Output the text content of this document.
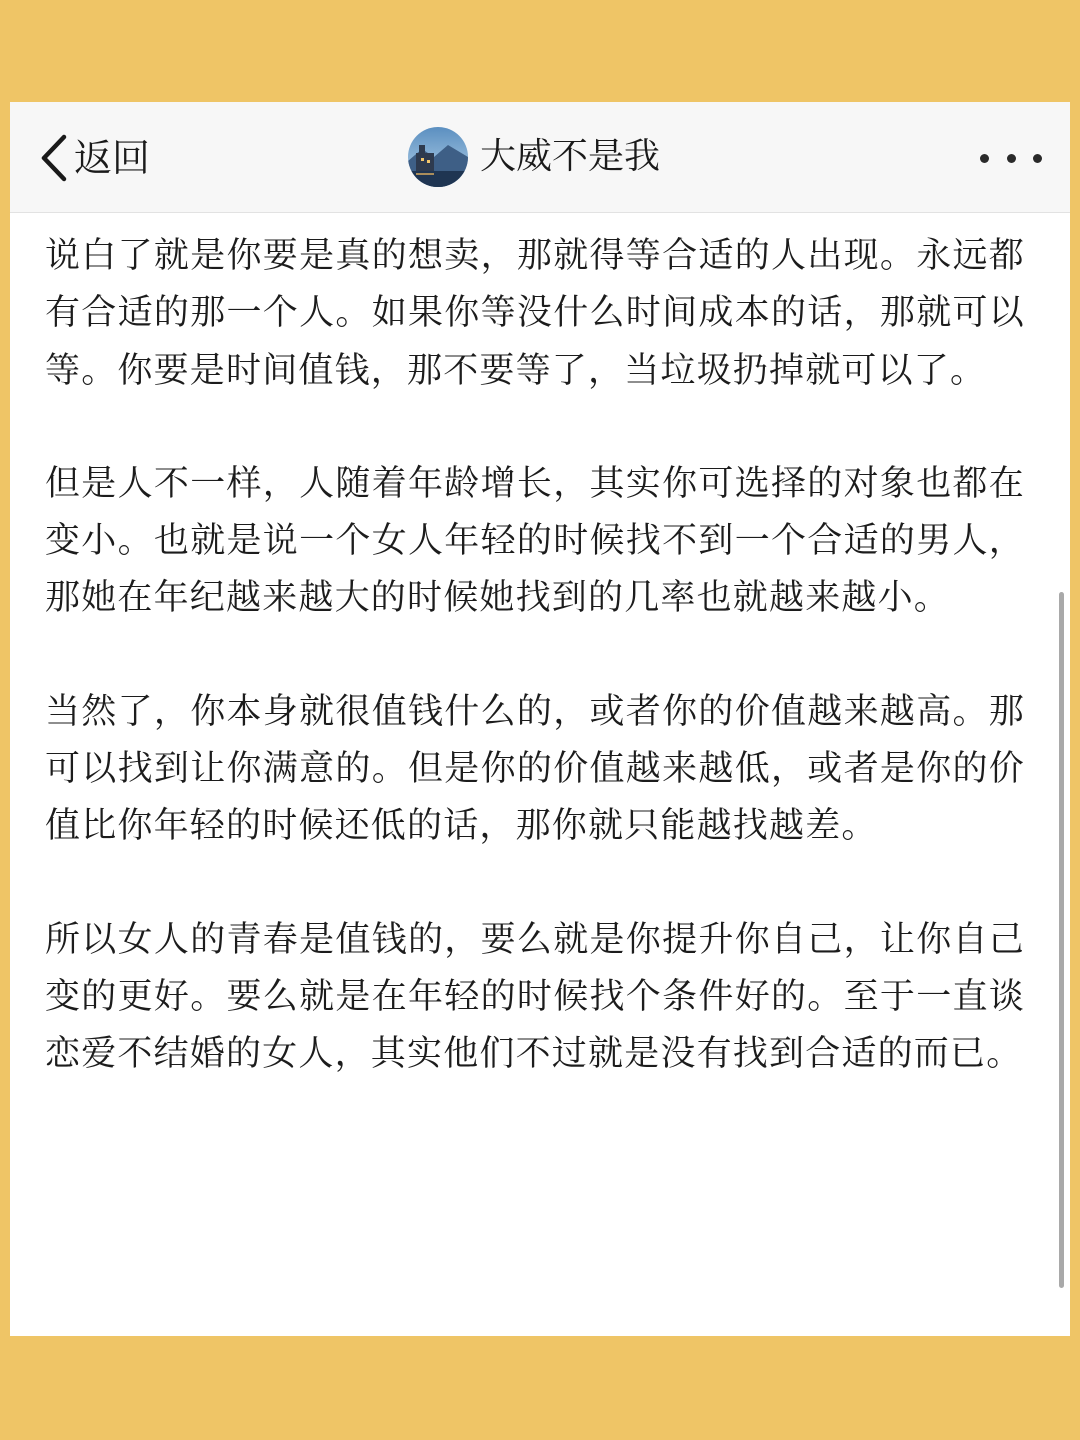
返回	大威不是我

说白了就是你要是真的想卖，那就得等合适的人出现。永远都有合适的那一个人。如果你等没什么时间成本的话，那就可以等。你要是时间值钱，那不要等了，当垃圾扔掉就可以了。

但是人不一样，人随着年龄增长，其实你可选择的对象也都在变小。也就是说一个女人年轻的时候找不到一个合适的男人，那她在年纪越来越大的时候她找到的几率也就越来越小。

当然了，你本身就很值钱什么的，或者你的价值越来越高。那可以找到让你满意的。但是你的价值越来越低，或者是你的价值比你年轻的时候还低的话，那你就只能越找越差。

所以女人的青春是值钱的，要么就是你提升你自己，让你自己变的更好。要么就是在年轻的时候找个条件好的。至于一直谈恋爱不结婚的女人，其实他们不过就是没有找到合适的而已。
